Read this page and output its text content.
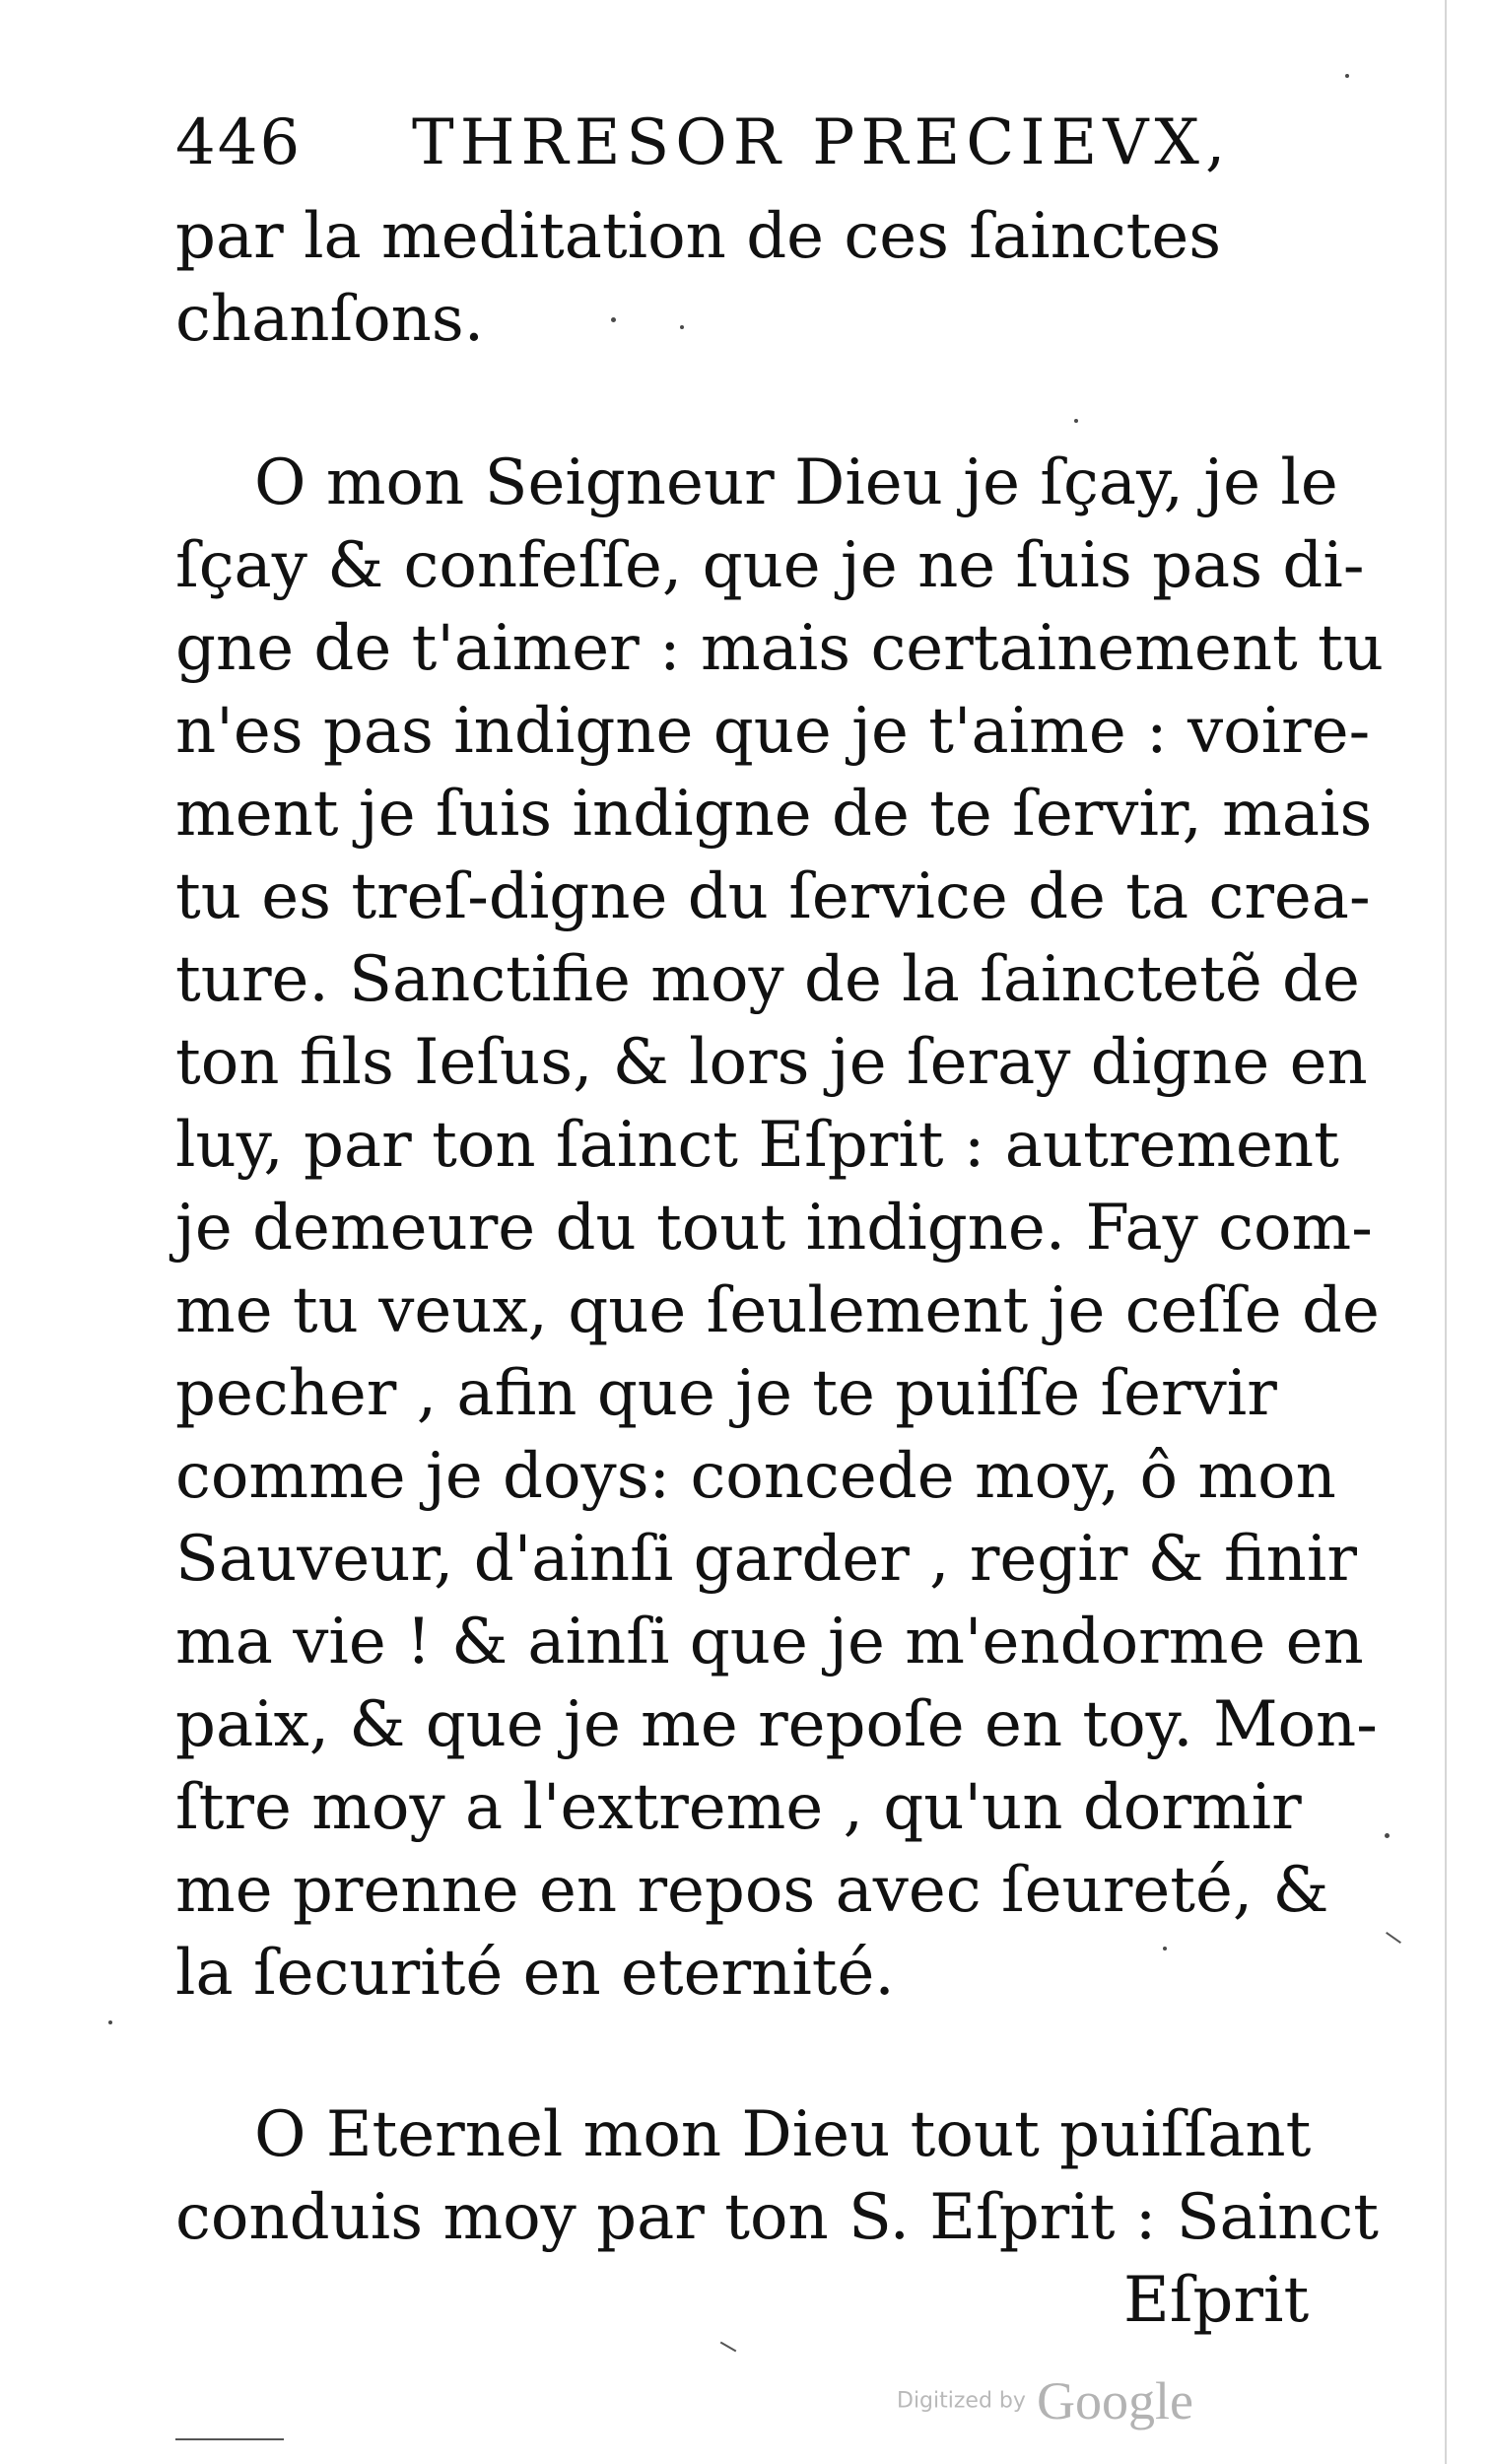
446 THRESOR PRECIEVX,
par la meditation de ces ſainctes
chanſons.
O mon Seigneur Dieu je ſçay, je le
ſçay & confeſſe, que je ne ſuis pas di-
gne de t'aimer : mais certainement tu
n'es pas indigne que je t'aime : voire-
ment je ſuis indigne de te ſervir, mais
tu es treſ-digne du ſervice de ta crea-
ture. Sanctifie moy de la ſainctetẽ de
ton fils Ieſus, & lors je ſeray digne en
luy, par ton ſainct Eſprit : autrement
je demeure du tout indigne. Fay com-
me tu veux, que ſeulement je ceſſe de
pecher , afin que je te puiſſe ſervir
comme je doys: concede moy, ô mon
Sauveur, d'ainſi garder , regir & finir
ma vie ! & ainſi que je m'endorme en
paix, & que je me repoſe en toy. Mon-
ſtre moy a l'extreme , qu'un dormir
me prenne en repos avec ſeureté, &
la ſecurité en eternité.
O Eternel mon Dieu tout puiſſant
conduis moy par ton S. Eſprit : Sainct
Eſprit
Digitized by Google
